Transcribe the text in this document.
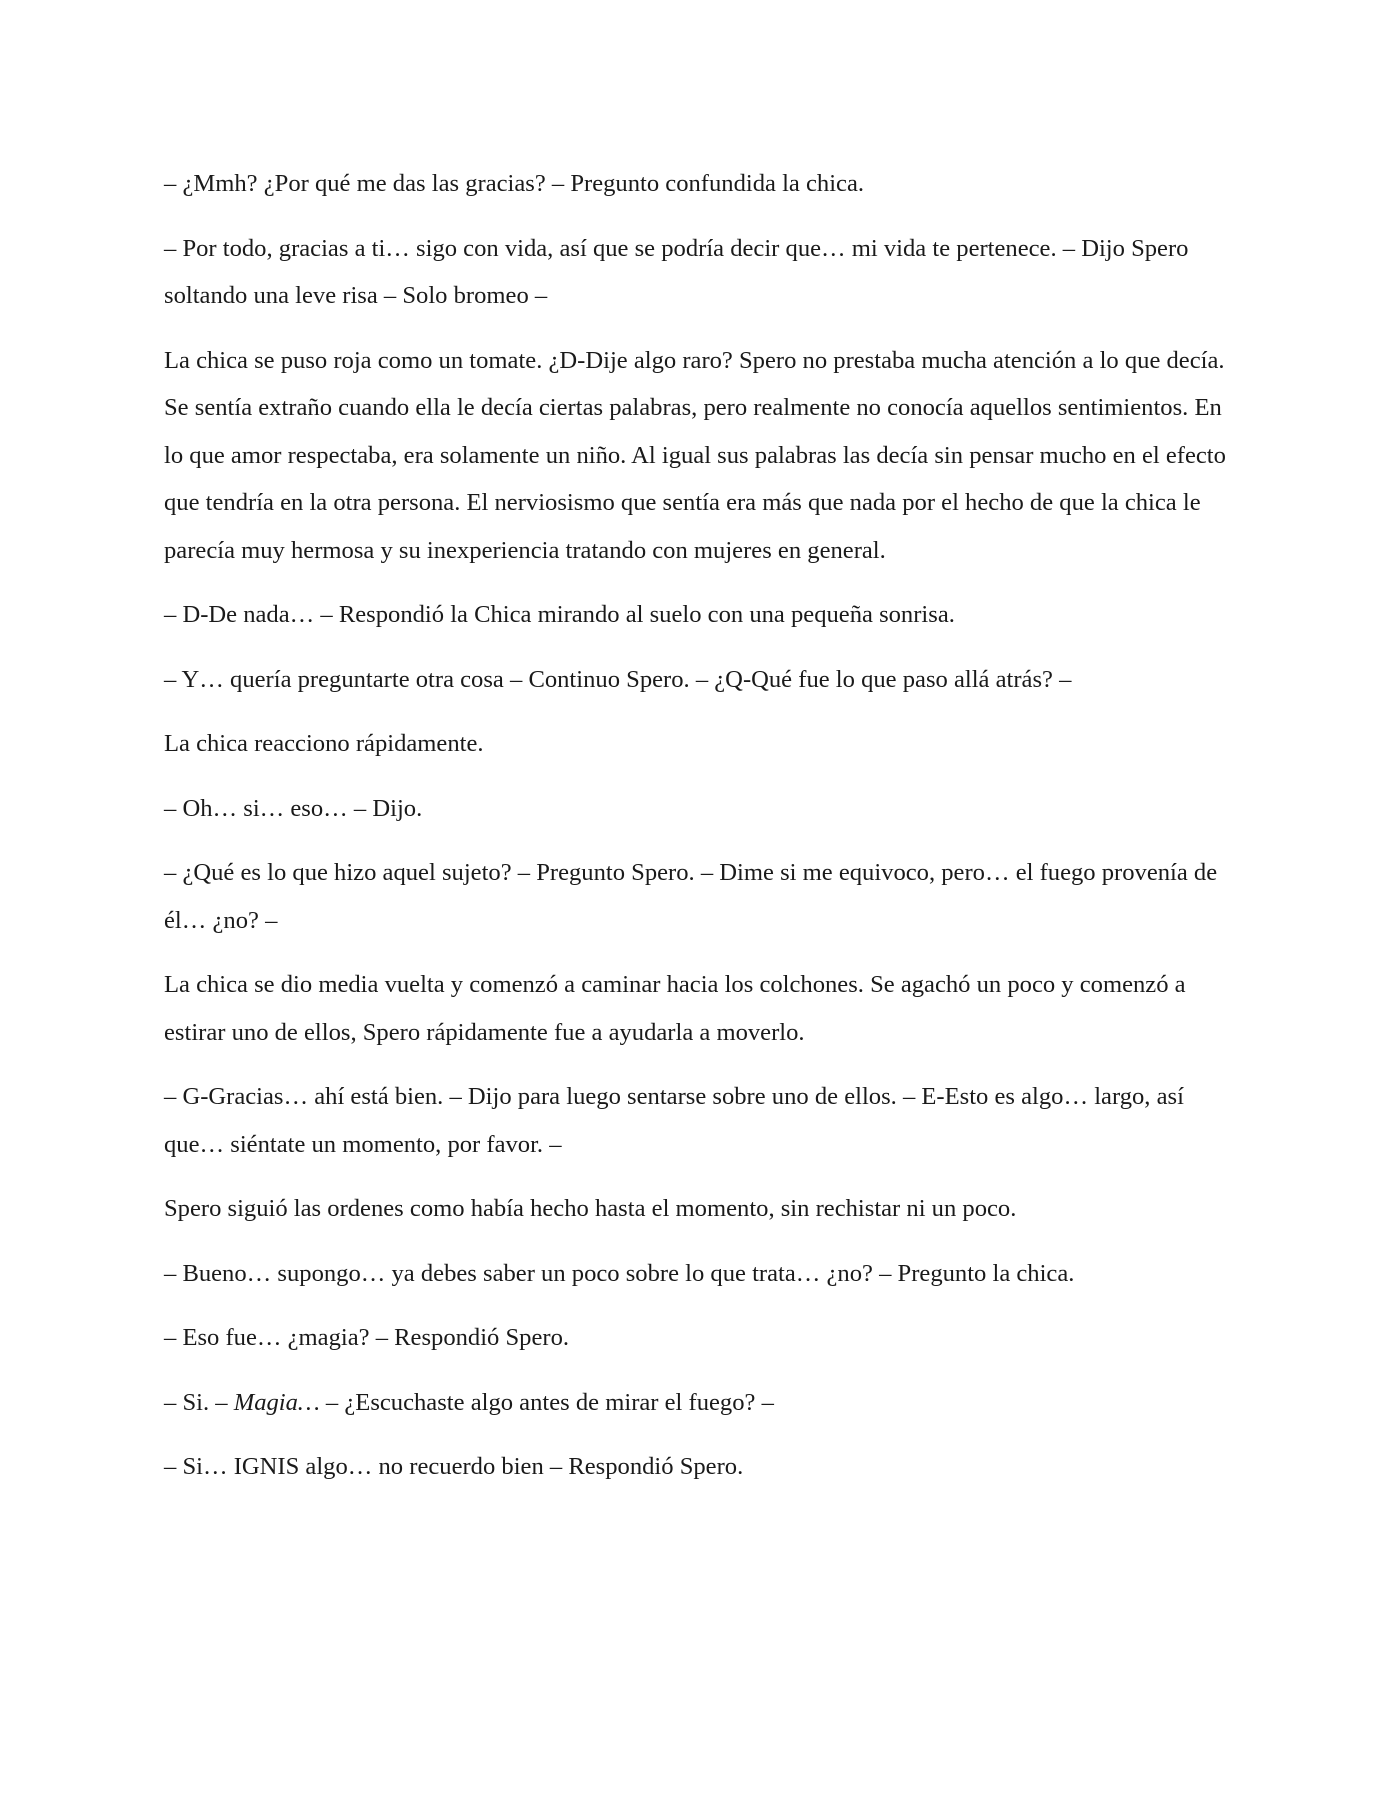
– ¿Mmh? ¿Por qué me das las gracias? – Pregunto confundida la chica.

– Por todo, gracias a ti… sigo con vida, así que se podría decir que… mi vida te pertenece. – Dijo Spero soltando una leve risa – Solo bromeo –

La chica se puso roja como un tomate. ¿D-Dije algo raro? Spero no prestaba mucha atención a lo que decía. Se sentía extraño cuando ella le decía ciertas palabras, pero realmente no conocía aquellos sentimientos. En lo que amor respectaba, era solamente un niño. Al igual sus palabras las decía sin pensar mucho en el efecto que tendría en la otra persona. El nerviosismo que sentía era más que nada por el hecho de que la chica le parecía muy hermosa y su inexperiencia tratando con mujeres en general.

– D-De nada… – Respondió la Chica mirando al suelo con una pequeña sonrisa.

– Y… quería preguntarte otra cosa – Continuo Spero. – ¿Q-Qué fue lo que paso allá atrás? –

La chica reacciono rápidamente.

– Oh… si… eso… – Dijo.

– ¿Qué es lo que hizo aquel sujeto? – Pregunto Spero. – Dime si me equivoco, pero… el fuego provenía de él… ¿no? –

La chica se dio media vuelta y comenzó a caminar hacia los colchones. Se agachó un poco y comenzó a estirar uno de ellos, Spero rápidamente fue a ayudarla a moverlo.

– G-Gracias… ahí está bien. – Dijo para luego sentarse sobre uno de ellos. – E-Esto es algo… largo, así que… siéntate un momento, por favor. –

Spero siguió las ordenes como había hecho hasta el momento, sin rechistar ni un poco.

– Bueno… supongo… ya debes saber un poco sobre lo que trata… ¿no? – Pregunto la chica.

– Eso fue… ¿magia? – Respondió Spero.

– Si. – Magia… – ¿Escuchaste algo antes de mirar el fuego? –

– Si… IGNIS algo… no recuerdo bien – Respondió Spero.
